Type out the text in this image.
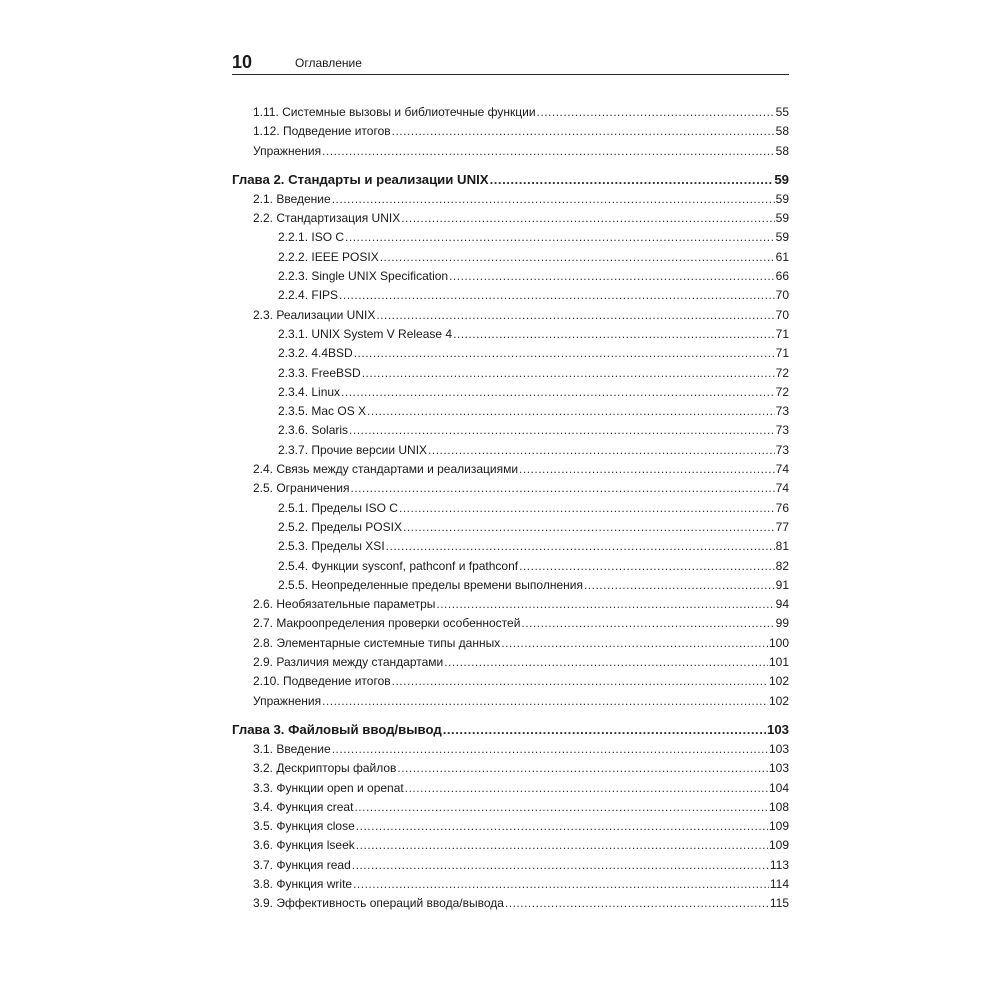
10	Оглавление
1.11. Системные вызовы и библиотечные функции .....	55
1.12. Подведение итогов .....	58
Упражнения .....	58
Глава 2. Стандарты и реализации UNIX .....	59
2.1. Введение .....	59
2.2. Стандартизация UNIX .....	59
2.2.1. ISO C .....	59
2.2.2. IEEE POSIX .....	61
2.2.3. Single UNIX Specification .....	66
2.2.4. FIPS .....	70
2.3. Реализации UNIX .....	70
2.3.1. UNIX System V Release 4 .....	71
2.3.2. 4.4BSD .....	71
2.3.3. FreeBSD .....	72
2.3.4. Linux .....	72
2.3.5. Mac OS X .....	73
2.3.6. Solaris .....	73
2.3.7. Прочие версии UNIX .....	73
2.4. Связь между стандартами и реализациями .....	74
2.5. Ограничения .....	74
2.5.1. Пределы ISO C .....	76
2.5.2. Пределы POSIX .....	77
2.5.3. Пределы XSI .....	81
2.5.4. Функции sysconf, pathconf и fpathconf .....	82
2.5.5. Неопределенные пределы времени выполнения .....	91
2.6. Необязательные параметры .....	94
2.7. Макроопределения проверки особенностей .....	99
2.8. Элементарные системные типы данных .....	100
2.9. Различия между стандартами .....	101
2.10. Подведение итогов .....	102
Упражнения .....	102
Глава 3. Файловый ввод/вывод .....	103
3.1. Введение .....	103
3.2. Дескрипторы файлов .....	103
3.3. Функции open и openat .....	104
3.4. Функция creat .....	108
3.5. Функция close .....	109
3.6. Функция lseek .....	109
3.7. Функция read .....	113
3.8. Функция write .....	114
3.9. Эффективность операций ввода/вывода .....	115
